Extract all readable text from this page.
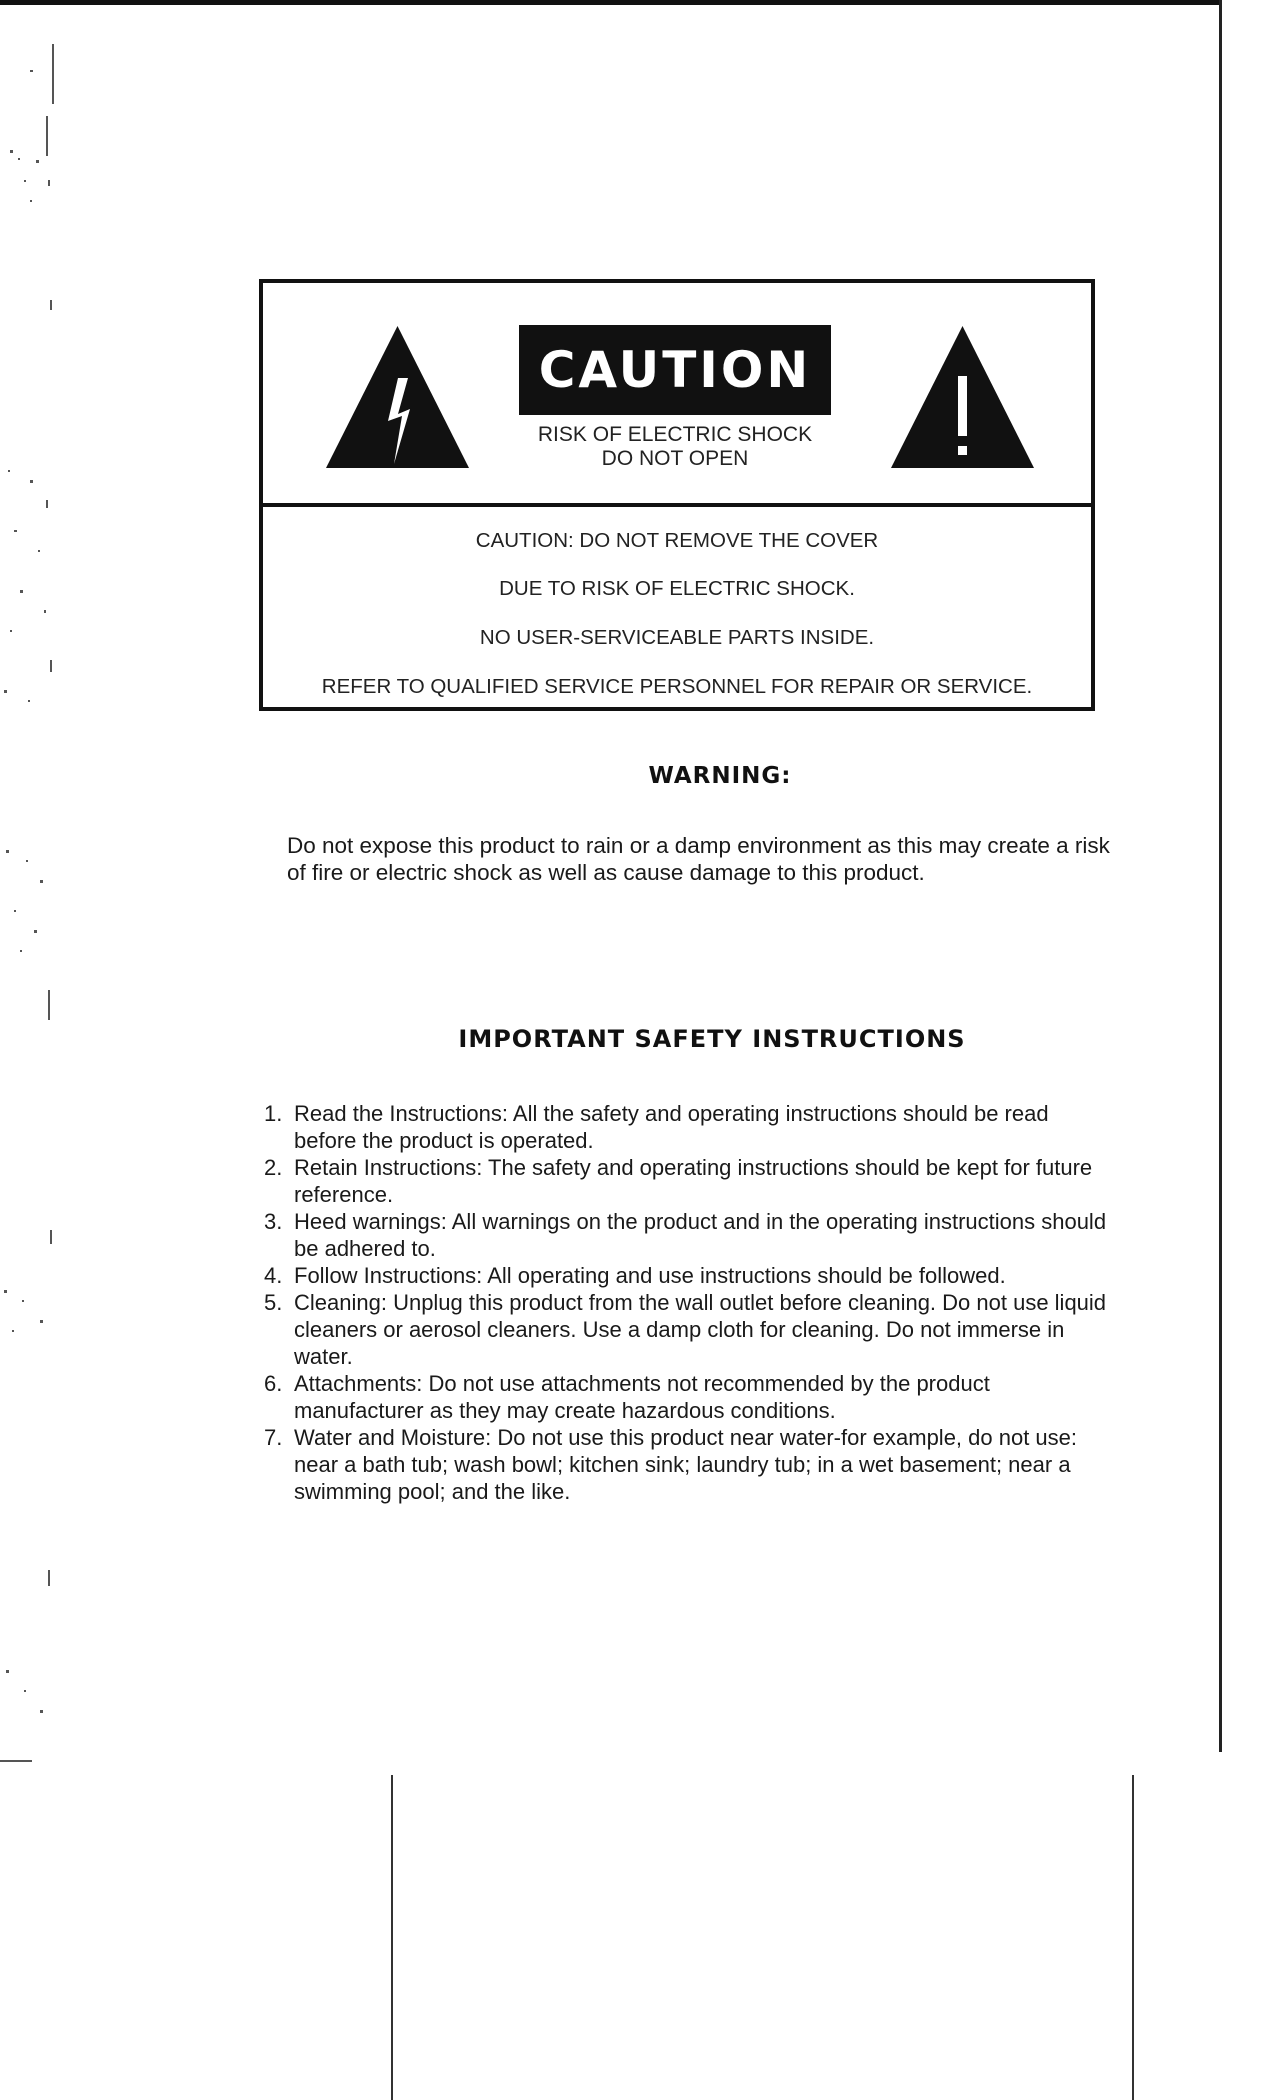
CAUTION
RISK OF ELECTRIC SHOCK
DO NOT OPEN
CAUTION: DO NOT REMOVE THE COVER
DUE TO RISK OF ELECTRIC SHOCK.
NO USER-SERVICEABLE PARTS INSIDE.
REFER TO QUALIFIED SERVICE PERSONNEL FOR REPAIR OR SERVICE.
WARNING:
Do not expose this product to rain or a damp environment as this may create a risk of fire or electric shock as well as cause damage to this product.
IMPORTANT SAFETY INSTRUCTIONS
1. Read the Instructions: All the safety and operating instructions should be read before the product is operated.
2. Retain Instructions: The safety and operating instructions should be kept for future reference.
3. Heed warnings: All warnings on the product and in the operating instructions should be adhered to.
4. Follow Instructions: All operating and use instructions should be followed.
5. Cleaning: Unplug this product from the wall outlet before cleaning. Do not use liquid cleaners or aerosol cleaners. Use a damp cloth for cleaning. Do not immerse in water.
6. Attachments: Do not use attachments not recommended by the product manufacturer as they may create hazardous conditions.
7. Water and Moisture: Do not use this product near water-for example, do not use: near a bath tub; wash bowl; kitchen sink; laundry tub; in a wet basement; near a swimming pool; and the like.
